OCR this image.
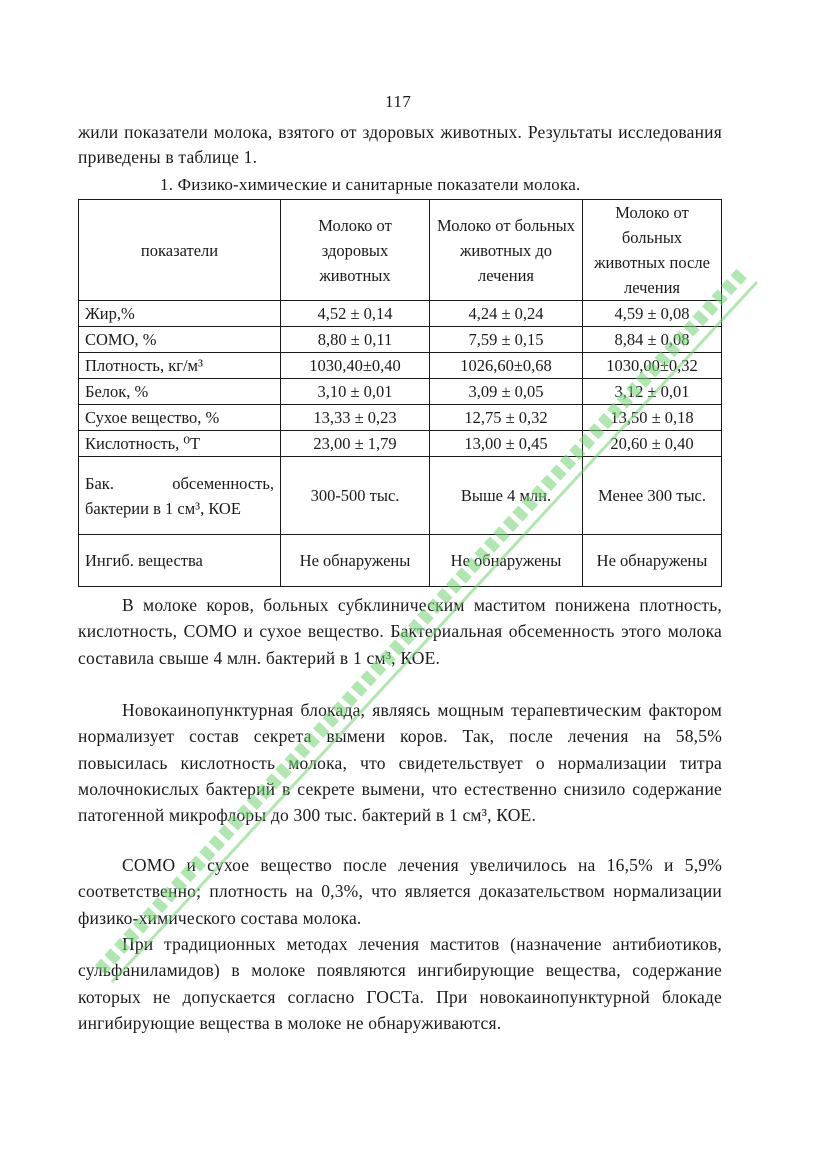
117
жили показатели молока, взятого от здоровых животных. Результаты исследования приведены в таблице 1.
1. Физико-химические и санитарные показатели молока.
показатели	Молоко от здоровых животных	Молоко от больных животных до лечения	Молоко от больных животных после лечения
Жир,%	4,52 ± 0,14	4,24 ± 0,24	4,59 ± 0,08
СОМО, %	8,80 ± 0,11	7,59 ± 0,15	8,84 ± 0,08
Плотность, кг/м³	1030,40±0,40	1026,60±0,68	1030,00±0,32
Белок, %	3,10 ± 0,01	3,09 ± 0,05	3,12 ± 0,01
Сухое вещество, %	13,33 ± 0,23	12,75 ± 0,32	13,50 ± 0,18
Кислотность, ⁰Т	23,00 ± 1,79	13,00 ± 0,45	20,60 ± 0,40
Бак. обсеменность, бактерии в 1 см³, КОЕ	300-500 тыс.	Выше 4 млн.	Менее 300 тыс.
Ингиб. вещества	Не обнаружены	Не обнаружены	Не обнаружены
В молоке коров, больных субклиническим маститом понижена плотность, кислотность, СОМО и сухое вещество. Бактериальная обсеменность этого молока составила свыше 4 млн. бактерий в 1 см³, КОЕ.
Новокаинопунктурная блокада, являясь мощным терапевтическим фактором нормализует состав секрета вымени коров. Так, после лечения на 58,5% повысилась кислотность молока, что свидетельствует о нормализации титра молочнокислых бактерий в секрете вымени, что естественно снизило содержание патогенной микрофлоры до 300 тыс. бактерий в 1 см³, КОЕ.
СОМО и сухое вещество после лечения увеличилось на 16,5% и 5,9% соответственно; плотность на 0,3%, что является доказательством нормализации физико-химического состава молока.
При традиционных методах лечения маститов (назначение антибиотиков, сульфаниламидов) в молоке появляются ингибирующие вещества, содержание которых не допускается согласно ГОСТа. При новокаинопунктурной блокаде ингибирующие вещества в молоке не обнаруживаются.
